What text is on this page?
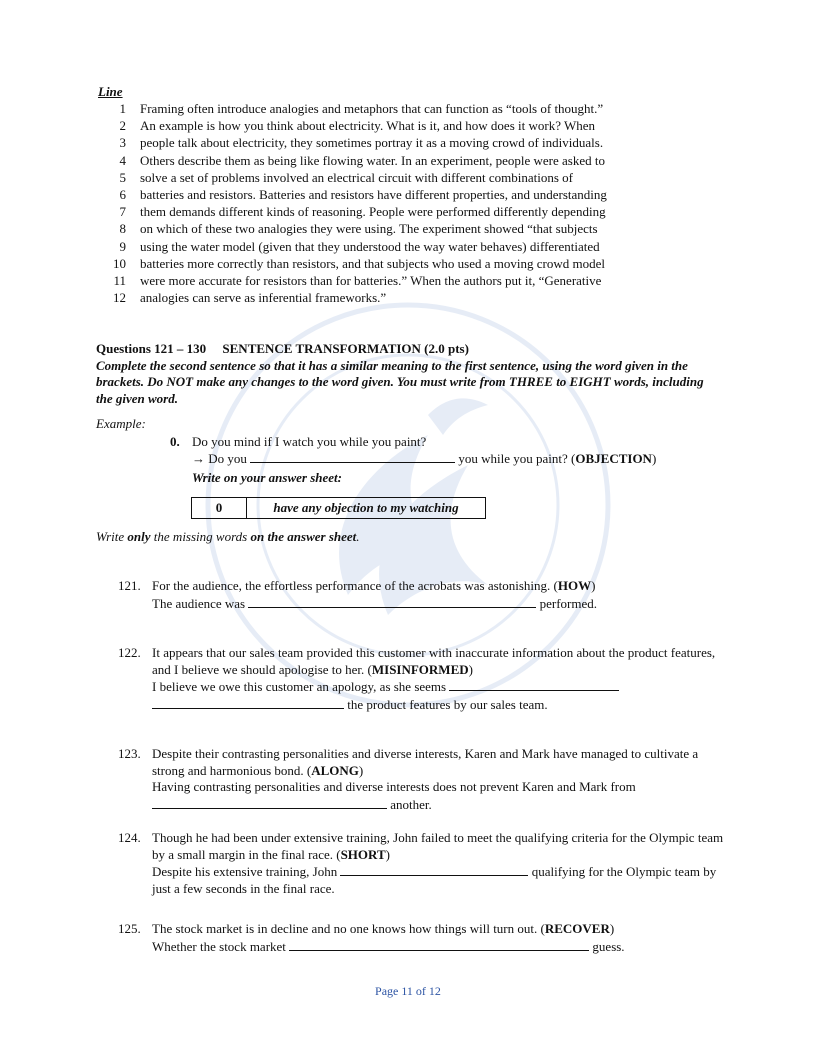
Line
1	Framing often introduce analogies and metaphors that can function as “tools of thought.”
2	An example is how you think about electricity. What is it, and how does it work? When
3	people talk about electricity, they sometimes portray it as a moving crowd of individuals.
4	Others describe them as being like flowing water. In an experiment, people were asked to
5	solve a set of problems involved an electrical circuit with different combinations of
6	batteries and resistors. Batteries and resistors have different properties, and understanding
7	them demands different kinds of reasoning. People were performed differently depending
8	on which of these two analogies they were using. The experiment showed “that subjects
9	using the water model (given that they understood the way water behaves) differentiated
10	batteries more correctly than resistors, and that subjects who used a moving crowd model
11	were more accurate for resistors than for batteries.” When the authors put it, “Generative
12	analogies can serve as inferential frameworks.”
Questions 121 – 130     SENTENCE TRANSFORMATION (2.0 pts)
Complete the second sentence so that it has a similar meaning to the first sentence, using the word given in the brackets. Do NOT make any changes to the word given. You must write from THREE to EIGHT words, including the given word.
Example:
0. Do you mind if I watch you while you paint?
→ Do you	you while you paint? (OBJECTION)
Write on your answer sheet:
0	have any objection to my watching
Write only the missing words on the answer sheet.
121. For the audience, the effortless performance of the acrobats was astonishing. (HOW)
The audience was	performed.
122. It appears that our sales team provided this customer with inaccurate information about the product features, and I believe we should apologise to her. (MISINFORMED)
I believe we owe this customer an apology, as she seems
the product features by our sales team.
123. Despite their contrasting personalities and diverse interests, Karen and Mark have managed to cultivate a strong and harmonious bond. (ALONG)
Having contrasting personalities and diverse interests does not prevent Karen and Mark from
another.
124. Though he had been under extensive training, John failed to meet the qualifying criteria for the Olympic team by a small margin in the final race. (SHORT)
Despite his extensive training, John	qualifying for the Olympic team by just a few seconds in the final race.
125. The stock market is in decline and no one knows how things will turn out. (RECOVER)
Whether the stock market	guess.
Page 11 of 12
